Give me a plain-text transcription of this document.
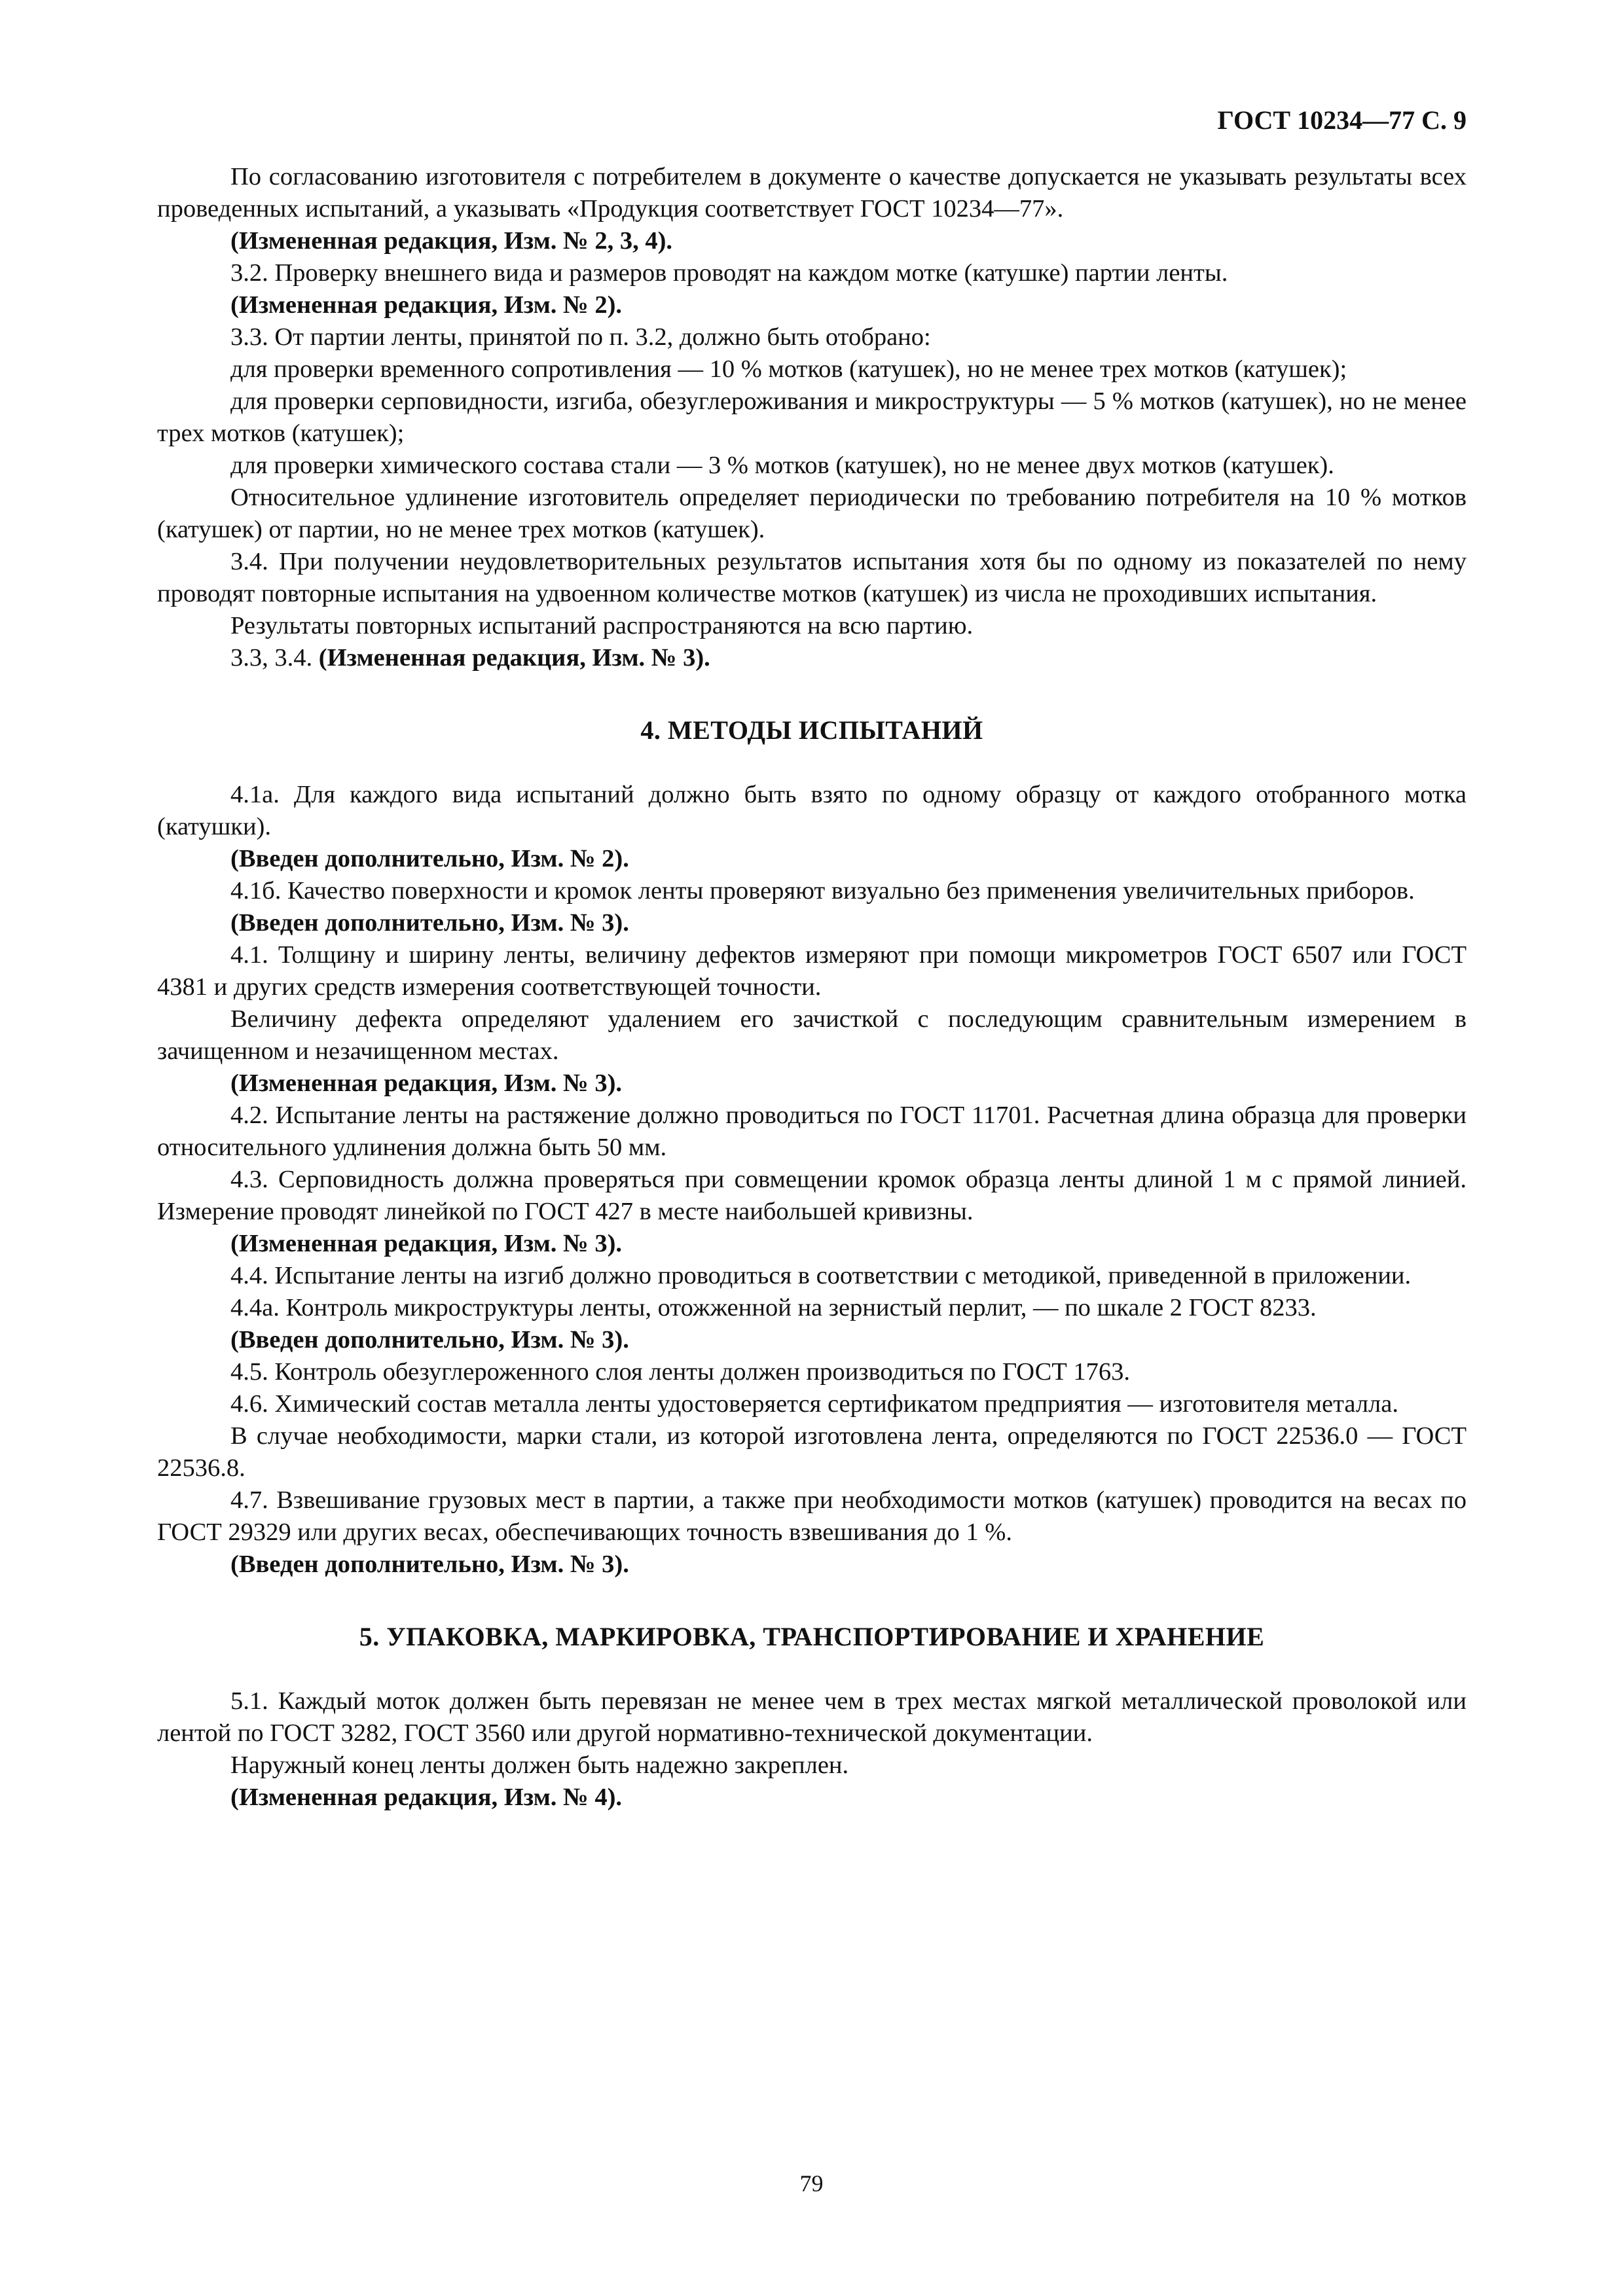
ГОСТ 10234—77 С. 9

По согласованию изготовителя с потребителем в документе о качестве допускается не указывать результаты всех проведенных испытаний, а указывать «Продукция соответствует ГОСТ 10234—77».

(Измененная редакция, Изм. № 2, 3, 4).

3.2. Проверку внешнего вида и размеров проводят на каждом мотке (катушке) партии ленты.

(Измененная редакция, Изм. № 2).

3.3. От партии ленты, принятой по п. 3.2, должно быть отобрано:

для проверки временного сопротивления — 10 % мотков (катушек), но не менее трех мотков (катушек);

для проверки серповидности, изгиба, обезуглероживания и микроструктуры — 5 % мотков (катушек), но не менее трех мотков (катушек);

для проверки химического состава стали — 3 % мотков (катушек), но не менее двух мотков (катушек).

Относительное удлинение изготовитель определяет периодически по требованию потребителя на 10 % мотков (катушек) от партии, но не менее трех мотков (катушек).

3.4. При получении неудовлетворительных результатов испытания хотя бы по одному из показателей по нему проводят повторные испытания на удвоенном количестве мотков (катушек) из числа не проходивших испытания.

Результаты повторных испытаний распространяются на всю партию.

3.3, 3.4. (Измененная редакция, Изм. № 3).

4. МЕТОДЫ ИСПЫТАНИЙ

4.1а. Для каждого вида испытаний должно быть взято по одному образцу от каждого отобранного мотка (катушки).

(Введен дополнительно, Изм. № 2).

4.1б. Качество поверхности и кромок ленты проверяют визуально без применения увеличительных приборов.

(Введен дополнительно, Изм. № 3).

4.1. Толщину и ширину ленты, величину дефектов измеряют при помощи микрометров ГОСТ 6507 или ГОСТ 4381 и других средств измерения соответствующей точности.

Величину дефекта определяют удалением его зачисткой с последующим сравнительным измерением в зачищенном и незачищенном местах.

(Измененная редакция, Изм. № 3).

4.2. Испытание ленты на растяжение должно проводиться по ГОСТ 11701. Расчетная длина образца для проверки относительного удлинения должна быть 50 мм.

4.3. Серповидность должна проверяться при совмещении кромок образца ленты длиной 1 м с прямой линией. Измерение проводят линейкой по ГОСТ 427 в месте наибольшей кривизны.

(Измененная редакция, Изм. № 3).

4.4. Испытание ленты на изгиб должно проводиться в соответствии с методикой, приведенной в приложении.

4.4а. Контроль микроструктуры ленты, отожженной на зернистый перлит, — по шкале 2 ГОСТ 8233.

(Введен дополнительно, Изм. № 3).

4.5. Контроль обезуглероженного слоя ленты должен производиться по ГОСТ 1763.

4.6. Химический состав металла ленты удостоверяется сертификатом предприятия — изготовителя металла.

В случае необходимости, марки стали, из которой изготовлена лента, определяются по ГОСТ 22536.0 — ГОСТ 22536.8.

4.7. Взвешивание грузовых мест в партии, а также при необходимости мотков (катушек) проводится на весах по ГОСТ 29329 или других весах, обеспечивающих точность взвешивания до 1 %.

(Введен дополнительно, Изм. № 3).

5. УПАКОВКА, МАРКИРОВКА, ТРАНСПОРТИРОВАНИЕ И ХРАНЕНИЕ

5.1. Каждый моток должен быть перевязан не менее чем в трех местах мягкой металлической проволокой или лентой по ГОСТ 3282, ГОСТ 3560 или другой нормативно-технической документации.

Наружный конец ленты должен быть надежно закреплен.

(Измененная редакция, Изм. № 4).

79
